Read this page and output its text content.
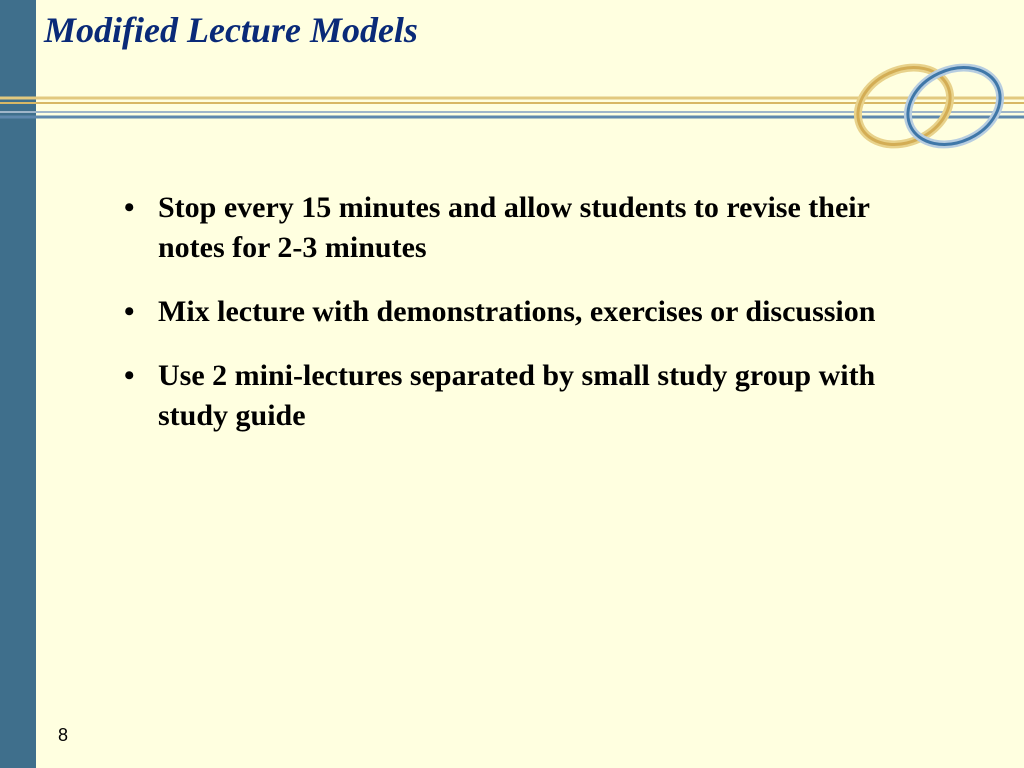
Modified Lecture Models
• Stop every 15 minutes and allow students to revise their notes for 2-3 minutes
• Mix lecture with demonstrations, exercises or discussion
• Use 2 mini-lectures separated by small study group with study guide
8
